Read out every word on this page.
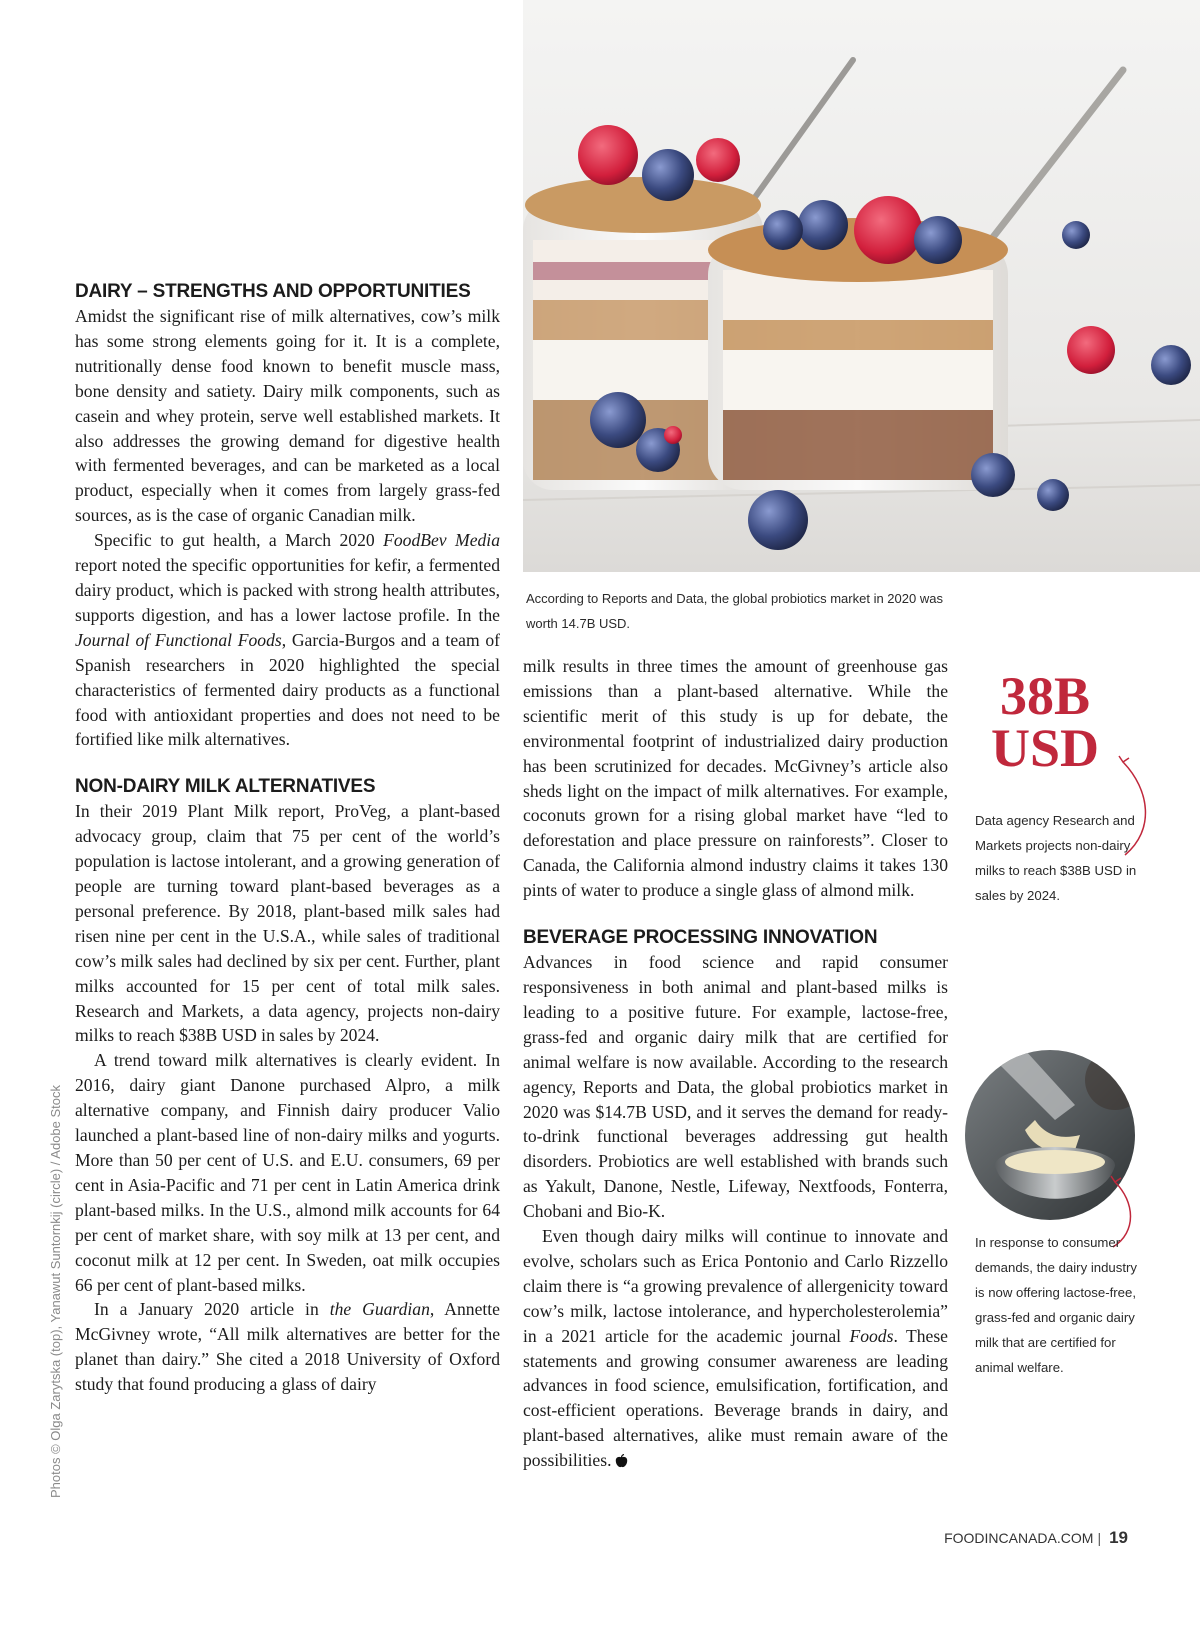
According to Reports and Data, the global probiotics market in 2020 was worth 14.7B USD.
DAIRY – STRENGTHS AND OPPORTUNITIES

Amidst the significant rise of milk alternatives, cow’s milk has some strong elements going for it. It is a complete, nutritionally dense food known to benefit muscle mass, bone density and satiety. Dairy milk components, such as casein and whey protein, serve well established markets. It also addresses the growing demand for digestive health with fermented beverages, and can be marketed as a local product, especially when it comes from largely grass-fed sources, as is the case of organic Canadian milk.

Specific to gut health, a March 2020 FoodBev Media report noted the specific opportunities for kefir, a fermented dairy product, which is packed with strong health attributes, supports digestion, and has a lower lactose profile. In the Journal of Functional Foods, Garcia-Burgos and a team of Spanish researchers in 2020 highlighted the special characteristics of fermented dairy products as a functional food with antioxidant properties and does not need to be fortified like milk alternatives.

NON-DAIRY MILK ALTERNATIVES

In their 2019 Plant Milk report, ProVeg, a plant-based advocacy group, claim that 75 per cent of the world’s population is lactose intolerant, and a growing generation of people are turning toward plant-based beverages as a personal preference. By 2018, plant-based milk sales had risen nine per cent in the U.S.A., while sales of traditional cow’s milk sales had declined by six per cent. Further, plant milks accounted for 15 per cent of total milk sales. Research and Markets, a data agency, projects non-dairy milks to reach $38B USD in sales by 2024.

A trend toward milk alternatives is clearly evident. In 2016, dairy giant Danone purchased Alpro, a milk alternative company, and Finnish dairy producer Valio launched a plant-based line of non-dairy milks and yogurts. More than 50 per cent of U.S. and E.U. consumers, 69 per cent in Asia-Pacific and 71 per cent in Latin America drink plant-based milks. In the U.S., almond milk accounts for 64 per cent of market share, with soy milk at 13 per cent, and coconut milk at 12 per cent. In Sweden, oat milk occupies 66 per cent of plant-based milks.

In a January 2020 article in the Guardian, Annette McGivney wrote, “All milk alternatives are better for the planet than dairy.” She cited a 2018 University of Oxford study that found producing a glass of dairy

milk results in three times the amount of greenhouse gas emissions than a plant-based alternative. While the scientific merit of this study is up for debate, the environmental footprint of industrialized dairy production has been scrutinized for decades. McGivney’s article also sheds light on the impact of milk alternatives. For example, coconuts grown for a rising global market have “led to deforestation and place pressure on rainforests”. Closer to Canada, the California almond industry claims it takes 130 pints of water to produce a single glass of almond milk.

BEVERAGE PROCESSING INNOVATION

Advances in food science and rapid consumer responsiveness in both animal and plant-based milks is leading to a positive future. For example, lactose-free, grass-fed and organic dairy milk that are certified for animal welfare is now available. According to the research agency, Reports and Data, the global probiotics market in 2020 was $14.7B USD, and it serves the demand for ready-to-drink functional beverages addressing gut health disorders. Probiotics are well established with brands such as Yakult, Danone, Nestle, Lifeway, Nextfoods, Fonterra, Chobani and Bio-K.

Even though dairy milks will continue to innovate and evolve, scholars such as Erica Pontonio and Carlo Rizzello claim there is “a growing prevalence of allergenicity toward cow’s milk, lactose intolerance, and hypercholesterolemia” in a 2021 article for the academic journal Foods. These statements and growing consumer awareness are leading advances in food science, emulsification, fortification, and cost-efficient operations. Beverage brands in dairy, and plant-based alternatives, alike must remain aware of the possibilities.

38B
USD
Data agency Research and Markets projects non-dairy milks to reach $38B USD in sales by 2024.
In response to consumer demands, the dairy industry is now offering lactose-free, grass-fed and organic dairy milk that are certified for animal welfare.
Photos © Olga Zarytska (top), Yanawut Suntornkij (circle) / Adobe Stock
FOODINCANADA.COM | 19
